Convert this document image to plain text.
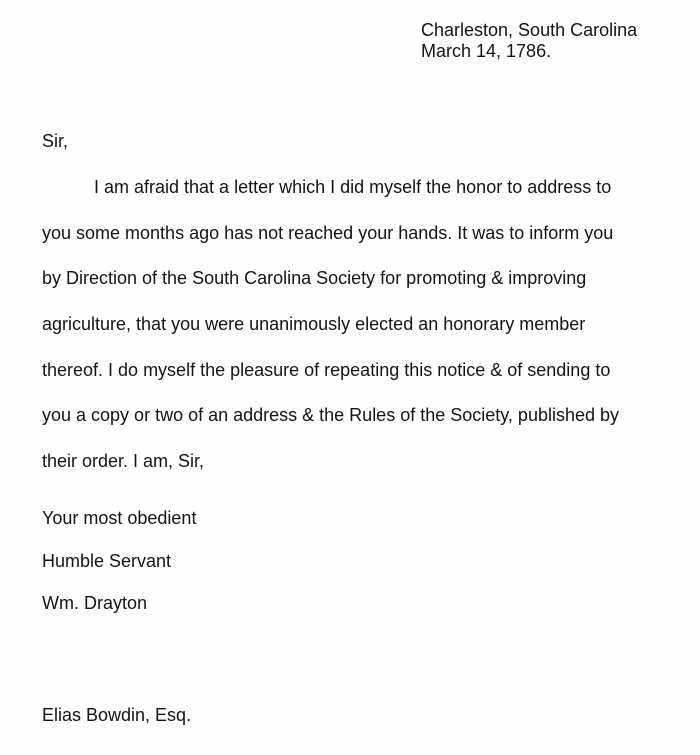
Charleston, South Carolina
March 14, 1786.
Sir,
I am afraid that a letter which I did myself the honor to address to
you some months ago has not reached your hands. It was to inform you
by Direction of the South Carolina Society for promoting & improving
agriculture, that you were unanimously elected an honorary member
thereof. I do myself the pleasure of repeating this notice & of sending to
you a copy or two of an address & the Rules of the Society, published by
their order. I am, Sir,
Your most obedient
Humble Servant
Wm. Drayton
Elias Bowdin, Esq.
